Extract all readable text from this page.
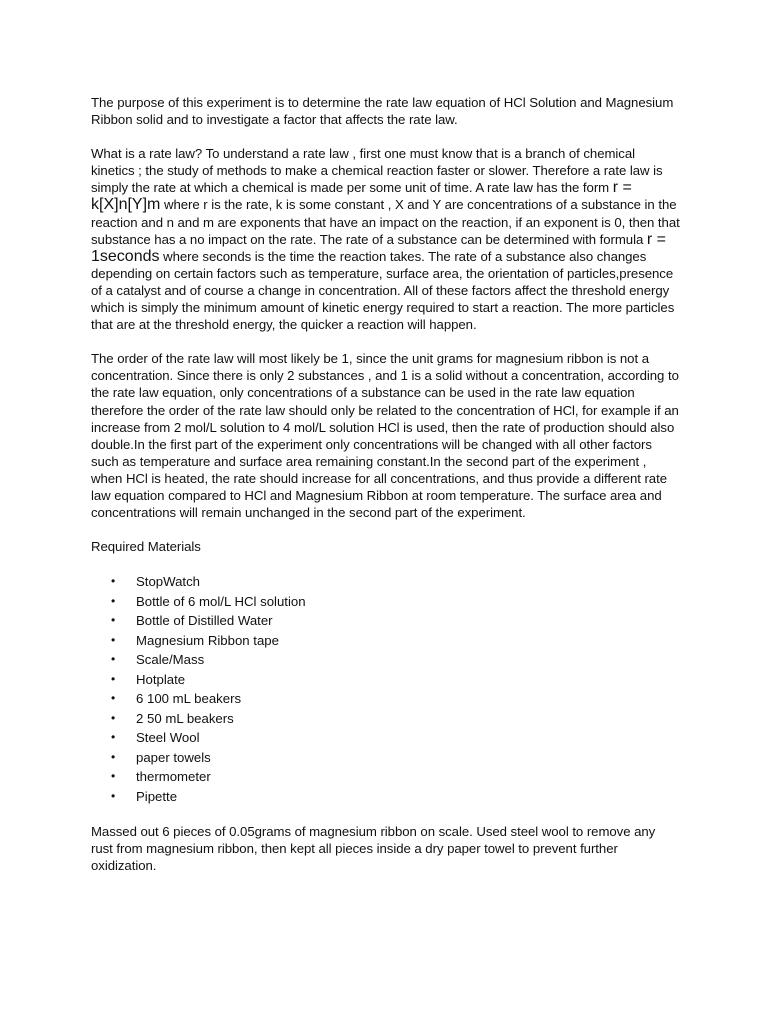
The purpose of this experiment is to determine the rate law equation of HCl Solution and Magnesium Ribbon solid and to investigate a factor that affects the rate law.

What is a rate law? To understand a rate law , first one must know that is a branch of chemical kinetics ; the study of methods to make a chemical reaction faster or slower. Therefore a rate law is simply the rate at which a chemical is made per some unit of time. A rate law has the form r = k[X]n[Y]m where r is the rate, k is some constant , X and Y are concentrations of a substance in the reaction and n and m are exponents that have an impact on the reaction, if an exponent is 0, then that substance has a no impact on the rate. The rate of a substance can be determined with formula r = 1seconds where seconds is the time the reaction takes. The rate of a substance also changes depending on certain factors such as temperature, surface area, the orientation of particles,presence of a catalyst and of course a change in concentration. All of these factors affect the threshold energy which is simply the minimum amount of kinetic energy required to start a reaction. The more particles that are at the threshold energy, the quicker a reaction will happen.

The order of the rate law will most likely be 1, since the unit grams for magnesium ribbon is not a concentration. Since there is only 2 substances , and 1 is a solid without a concentration, according to the rate law equation, only concentrations of a substance can be used in the rate law equation therefore the order of the rate law should only be related to the concentration of HCl, for example if an increase from 2 mol/L solution to 4 mol/L solution HCl is used, then the rate of production should also double.In the first part of the experiment only concentrations will be changed with all other factors such as temperature and surface area remaining constant.In the second part of the experiment , when HCl is heated, the rate should increase for all concentrations, and thus provide a different rate law equation compared to HCl and Magnesium Ribbon at room temperature. The surface area and concentrations will remain unchanged in the second part of the experiment.

Required Materials

• StopWatch
• Bottle of 6 mol/L HCl solution
• Bottle of Distilled Water
• Magnesium Ribbon tape
• Scale/Mass
• Hotplate
• 6 100 mL beakers
• 2 50 mL beakers
• Steel Wool
• paper towels
• thermometer
• Pipette

Massed out 6 pieces of 0.05grams of magnesium ribbon on scale. Used steel wool to remove any rust from magnesium ribbon, then kept all pieces inside a dry paper towel to prevent further oxidization.
